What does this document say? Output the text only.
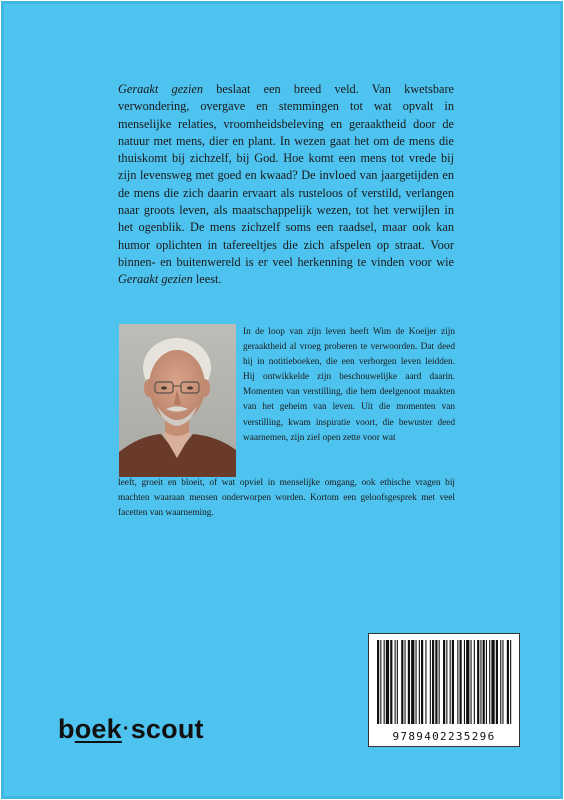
Geraakt gezien beslaat een breed veld. Van kwetsbare verwondering, overgave en stemmingen tot wat opvalt in menselijke relaties, vroomheidsbeleving en geraaktheid door de natuur met mens, dier en plant. In wezen gaat het om de mens die thuiskomt bij zichzelf, bij God. Hoe komt een mens tot vrede bij zijn levensweg met goed en kwaad? De invloed van jaargetijden en de mens die zich daarin ervaart als rusteloos of verstild, verlangen naar groots leven, als maatschappelijk wezen, tot het verwijlen in het ogenblik. De mens zichzelf soms een raadsel, maar ook kan humor oplichten in tafereeltjes die zich afspelen op straat. Voor binnen- en buitenwereld is er veel herkenning te vinden voor wie Geraakt gezien leest.

In de loop van zijn leven heeft Wim de Koeijer zijn geraaktheid al vroeg proberen te verwoorden. Dat deed hij in notitieboeken, die een verborgen leven leidden. Hij ontwikkelde zijn beschouwelijke aard daarin. Momenten van verstilling, die hem deelgenoot maakten van het geheim van leven. Uit die momenten van verstilling, kwam inspiratie voort, die bewuster deed waarnemen, zijn ziel open zette voor wat

leeft, groeit en bloeit, of wat opviel in menselijke omgang, ook ethische vragen bij machten waaraan mensen onderworpen worden. Kortom een geloofsgesprek met veel facetten van waarneming.

boek·scout	9789402235296
